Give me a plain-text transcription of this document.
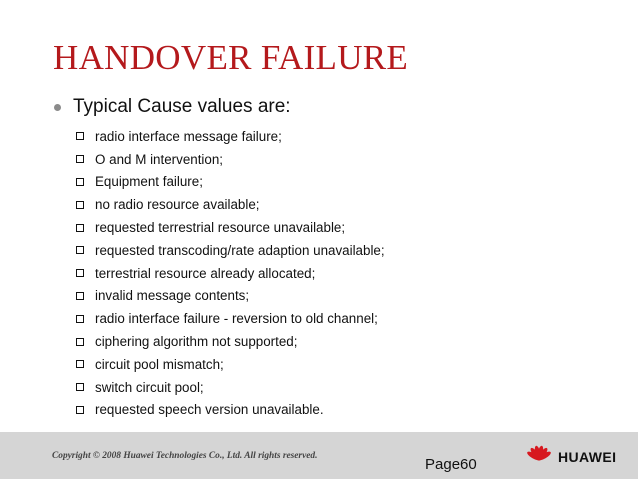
HANDOVER FAILURE
Typical Cause values are:
radio interface message failure;
O and M intervention;
Equipment failure;
no radio resource available;
requested terrestrial resource unavailable;
requested transcoding/rate adaption unavailable;
terrestrial resource already allocated;
invalid message contents;
radio interface failure - reversion to old channel;
ciphering algorithm not supported;
circuit pool mismatch;
switch circuit pool;
requested speech version unavailable.
Copyright © 2008 Huawei Technologies Co., Ltd. All rights reserved.	Page60	HUAWEI
